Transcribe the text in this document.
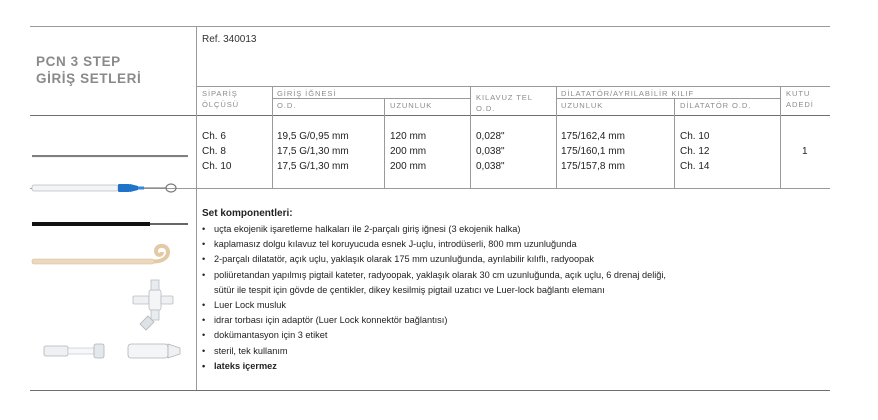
PCN 3 STEP
GİRİŞ SETLERİ
Ref. 340013
SİPARİŞ
ÖLÇÜSÜ
GİRİŞ İĞNESİ
O.D.	UZUNLUK
KILAVUZ TEL
O.D.
DİLATATÖR/AYRILABİLİR KILIF
UZUNLUK	DİLATATÖR O.D.
KUTU
ADEDİ
Ch. 6
Ch. 8
Ch. 10
19,5 G/0,95 mm
17,5 G/1,30 mm
17,5 G/1,30 mm
120 mm
200 mm
200 mm
0,028"
0,038"
0,038"
175/162,4 mm
175/160,1 mm
175/157,8 mm
Ch. 10
Ch. 12
Ch. 14
1
Set komponentleri:
• uçta ekojenik işaretleme halkaları ile 2-parçalı giriş iğnesi (3 ekojenik halka)
• kaplamasız dolgu kılavuz tel koruyucuda esnek J-uçlu, introdüserli, 800 mm uzunluğunda
• 2-parçalı dilatatör, açık uçlu, yaklaşık olarak 175 mm uzunluğunda, ayrılabilir kılıflı, radyoopak
• poliüretandan yapılmış pigtail kateter, radyoopak, yaklaşık olarak 30 cm uzunluğunda, açık uçlu, 6 drenaj deliği,
sütür ile tespit için gövde de çentikler, dikey kesilmiş pigtail uzatıcı ve Luer-lock bağlantı elemanı
• Luer Lock musluk
• idrar torbası için adaptör (Luer Lock konnektör bağlantısı)
• dokümantasyon için 3 etiket
• steril, tek kullanım
• lateks içermez
